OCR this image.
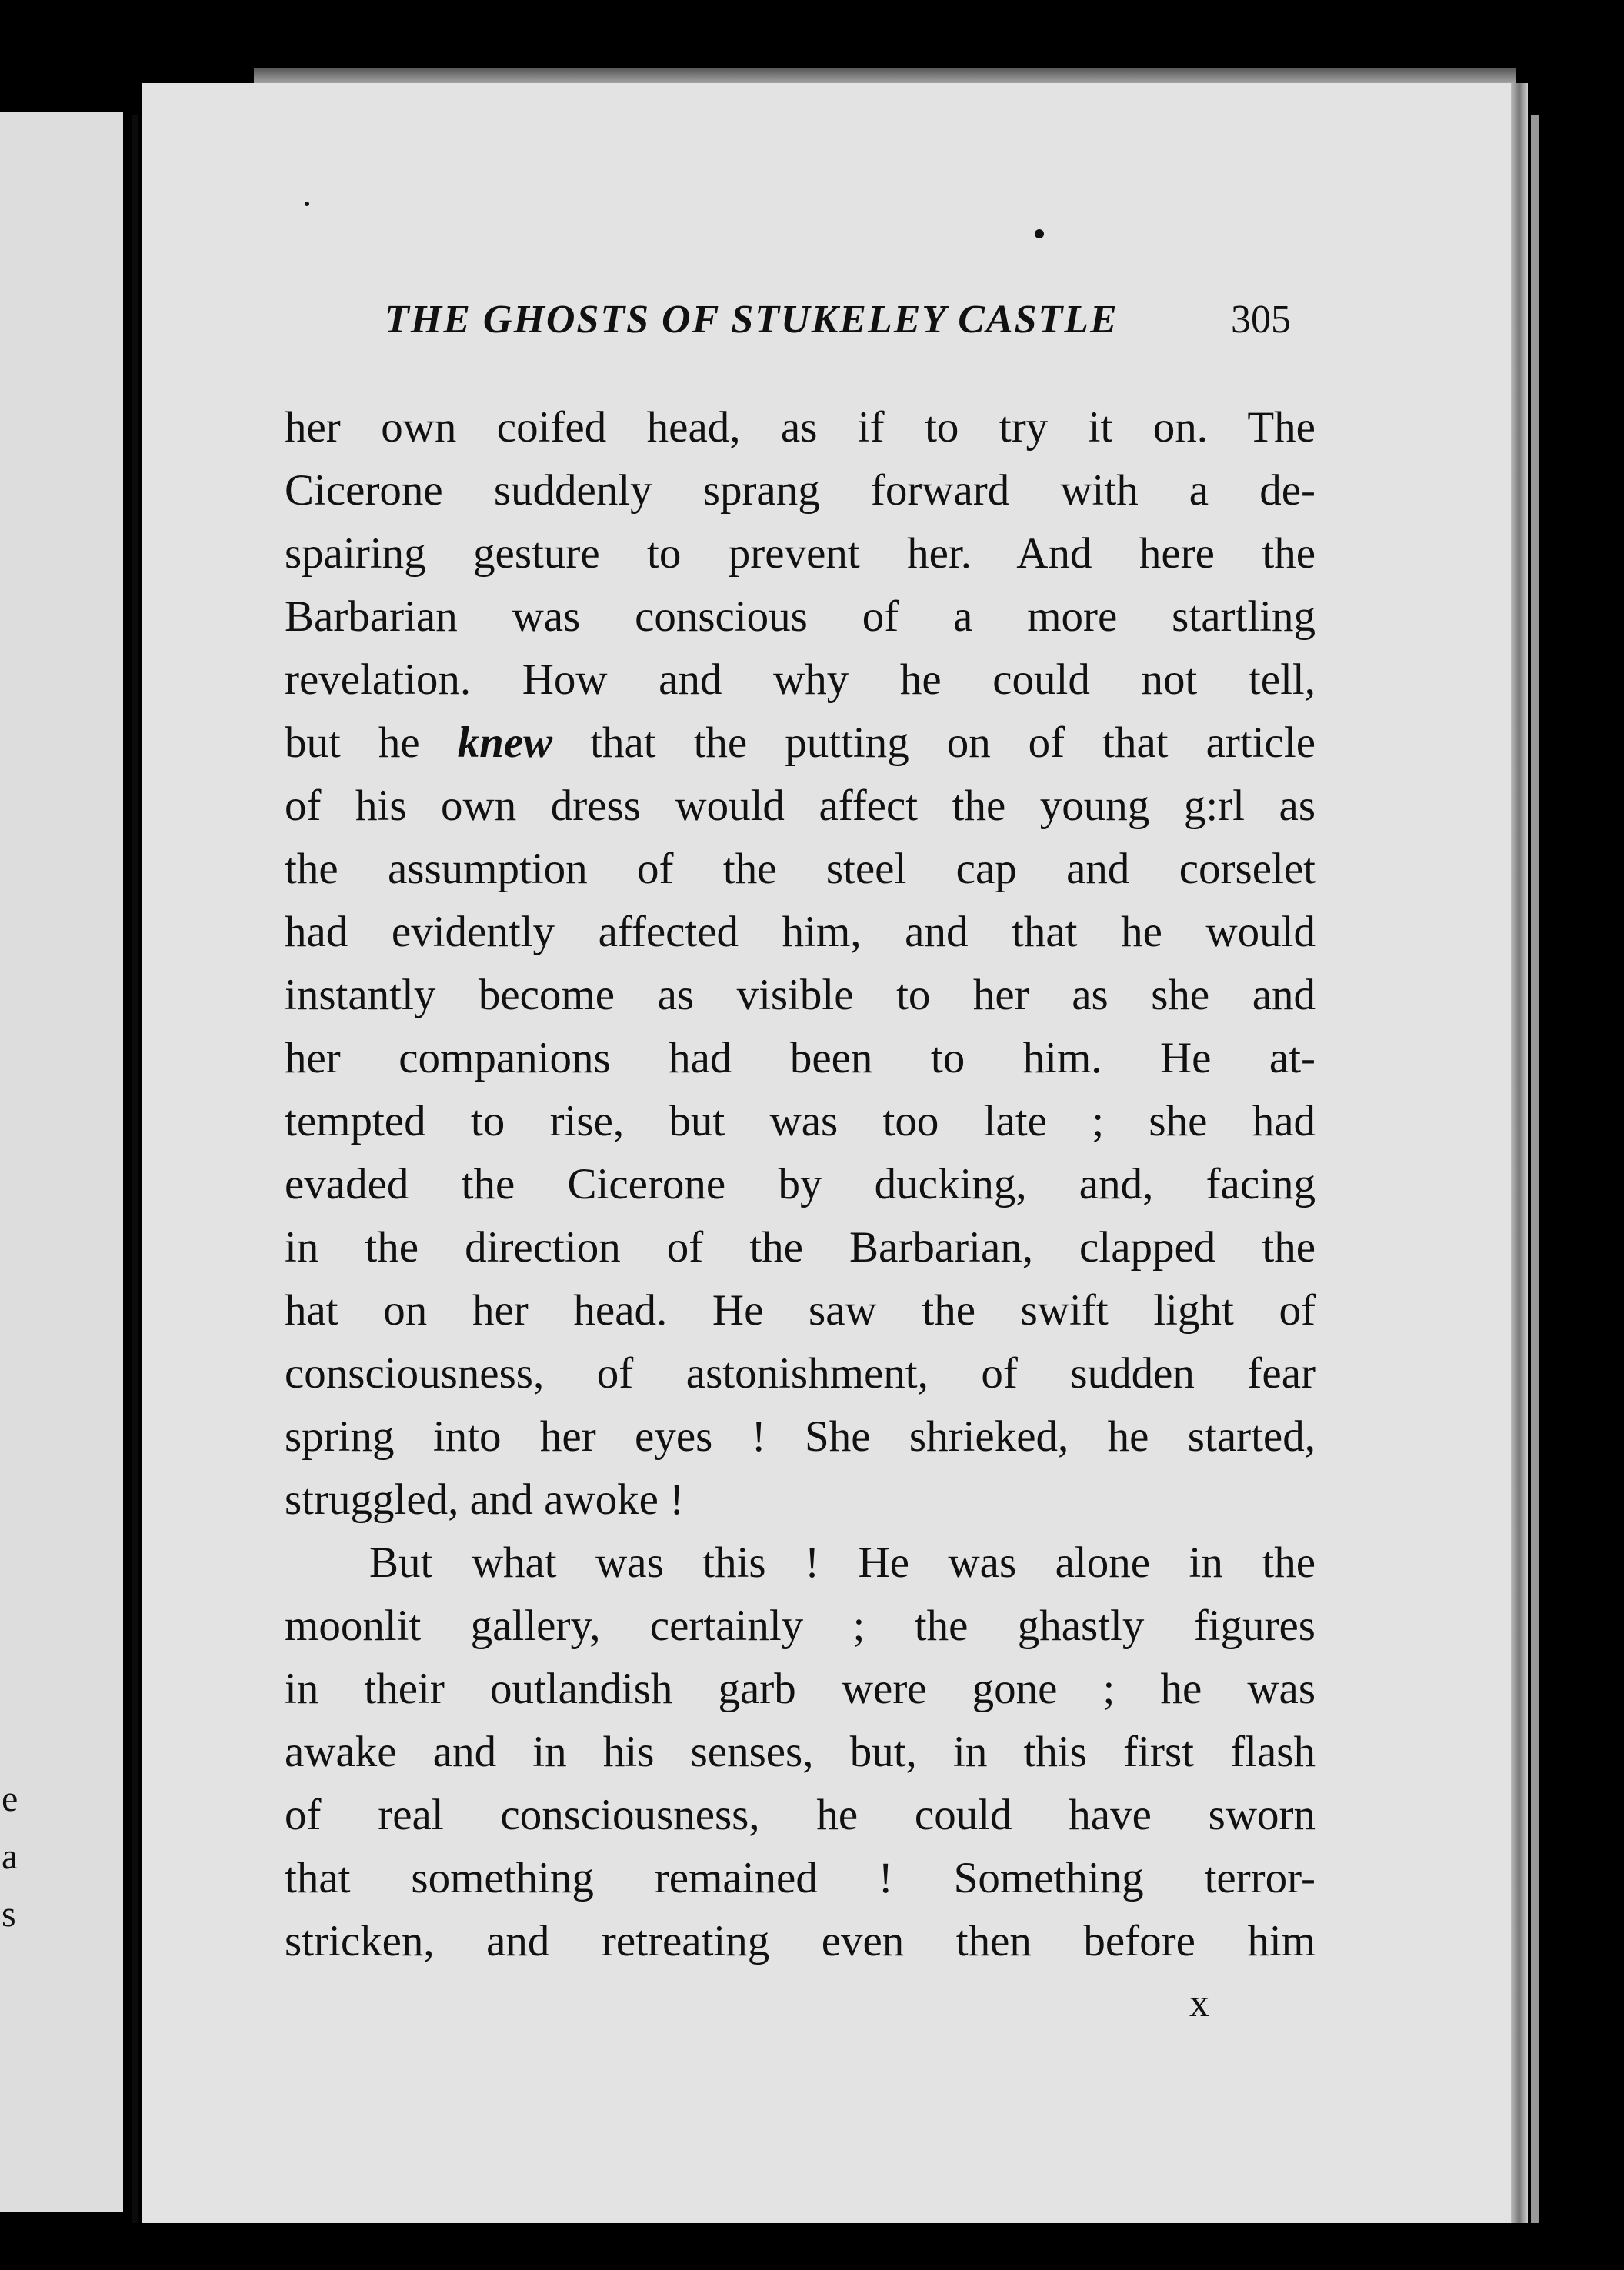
e
a
s
THE GHOSTS OF STUKELEY CASTLE	305
her own coifed head, as if to try it on. The
Cicerone suddenly sprang forward with a de-
spairing gesture to prevent her. And here the
Barbarian was conscious of a more startling
revelation. How and why he could not tell,
but he knew that the putting on of that article
of his own dress would affect the young g:rl as
the assumption of the steel cap and corselet
had evidently affected him, and that he would
instantly become as visible to her as she and
her companions had been to him. He at-
tempted to rise, but was too late ; she had
evaded the Cicerone by ducking, and, facing
in the direction of the Barbarian, clapped the
hat on her head. He saw the swift light of
consciousness, of astonishment, of sudden fear
spring into her eyes ! She shrieked, he started,
struggled, and awoke !
But what was this ! He was alone in the
moonlit gallery, certainly ; the ghastly figures
in their outlandish garb were gone ; he was
awake and in his senses, but, in this first flash
of real consciousness, he could have sworn
that something remained ! Something terror-
stricken, and retreating even then before him
x
